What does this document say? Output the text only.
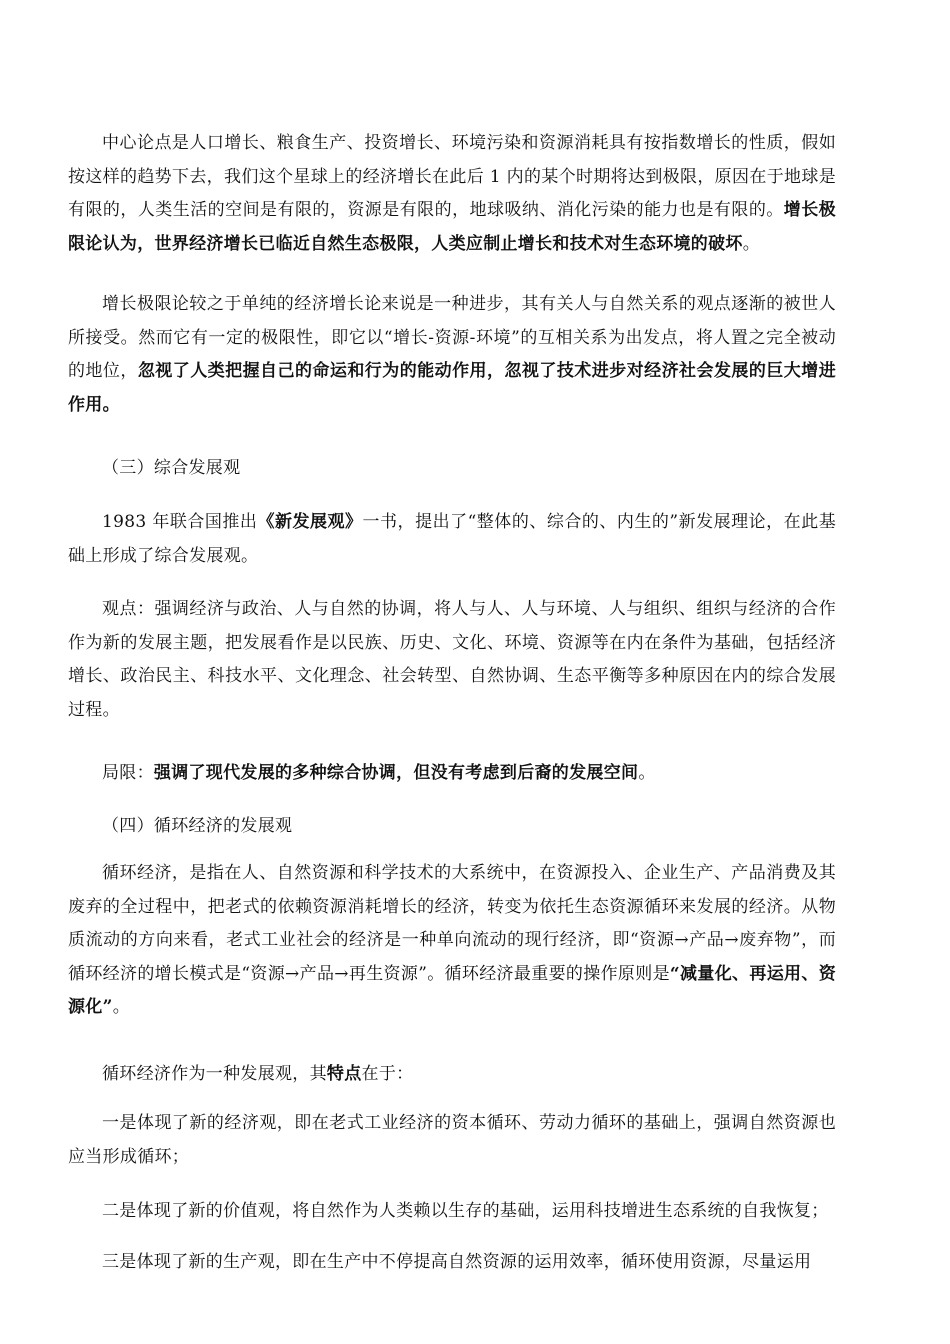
中心论点是人口增长、粮食生产、投资增长、环境污染和资源消耗具有按指数增长的性质，假如按这样的趋势下去，我们这个星球上的经济增长在此后 1 内的某个时期将达到极限，原因在于地球是有限的，人类生活的空间是有限的，资源是有限的，地球吸纳、消化污染的能力也是有限的。增长极限论认为，世界经济增长已临近自然生态极限，人类应制止增长和技术对生态环境的破坏。

增长极限论较之于单纯的经济增长论来说是一种进步，其有关人与自然关系的观点逐渐的被世人所接受。然而它有一定的极限性，即它以“增长-资源-环境”的互相关系为出发点，将人置之完全被动的地位，忽视了人类把握自己的命运和行为的能动作用，忽视了技术进步对经济社会发展的巨大增进作用。

（三）综合发展观

1983 年联合国推出《新发展观》一书，提出了“整体的、综合的、内生的”新发展理论，在此基础上形成了综合发展观。

观点：强调经济与政治、人与自然的协调，将人与人、人与环境、人与组织、组织与经济的合作作为新的发展主题，把发展看作是以民族、历史、文化、环境、资源等在内在条件为基础，包括经济增长、政治民主、科技水平、文化理念、社会转型、自然协调、生态平衡等多种原因在内的综合发展过程。

局限：强调了现代发展的多种综合协调，但没有考虑到后裔的发展空间。

（四）循环经济的发展观

循环经济，是指在人、自然资源和科学技术的大系统中，在资源投入、企业生产、产品消费及其废弃的全过程中，把老式的依赖资源消耗增长的经济，转变为依托生态资源循环来发展的经济。从物质流动的方向来看，老式工业社会的经济是一种单向流动的现行经济，即“资源→产品→废弃物”，而循环经济的增长模式是“资源→产品→再生资源”。循环经济最重要的操作原则是“减量化、再运用、资源化”。

循环经济作为一种发展观，其特点在于：

一是体现了新的经济观，即在老式工业经济的资本循环、劳动力循环的基础上，强调自然资源也应当形成循环；

二是体现了新的价值观，将自然作为人类赖以生存的基础，运用科技增进生态系统的自我恢复；

三是体现了新的生产观，即在生产中不停提高自然资源的运用效率，循环使用资源，尽量运用
